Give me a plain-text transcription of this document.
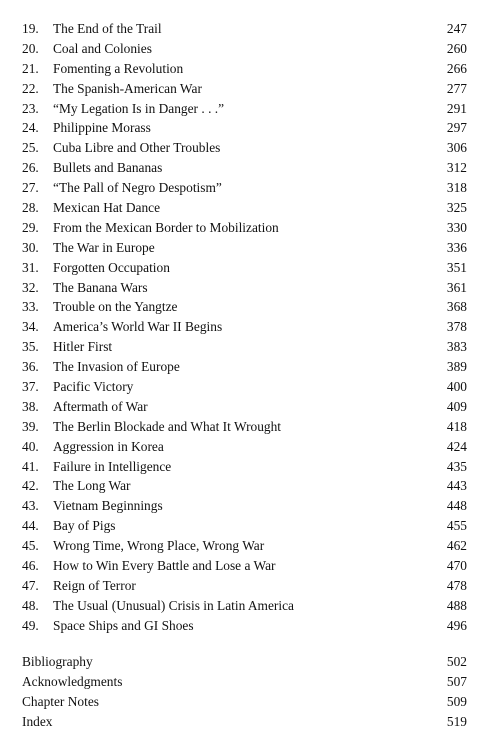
19. The End of the Trail	247
20. Coal and Colonies	260
21. Fomenting a Revolution	266
22. The Spanish-American War	277
23. “My Legation Is in Danger . . .”	291
24. Philippine Morass	297
25. Cuba Libre and Other Troubles	306
26. Bullets and Bananas	312
27. “The Pall of Negro Despotism”	318
28. Mexican Hat Dance	325
29. From the Mexican Border to Mobilization	330
30. The War in Europe	336
31. Forgotten Occupation	351
32. The Banana Wars	361
33. Trouble on the Yangtze	368
34. America’s World War II Begins	378
35. Hitler First	383
36. The Invasion of Europe	389
37. Pacific Victory	400
38. Aftermath of War	409
39. The Berlin Blockade and What It Wrought	418
40. Aggression in Korea	424
41. Failure in Intelligence	435
42. The Long War	443
43. Vietnam Beginnings	448
44. Bay of Pigs	455
45. Wrong Time, Wrong Place, Wrong War	462
46. How to Win Every Battle and Lose a War	470
47. Reign of Terror	478
48. The Usual (Unusual) Crisis in Latin America	488
49. Space Ships and GI Shoes	496
Bibliography	502
Acknowledgments	507
Chapter Notes	509
Index	519
